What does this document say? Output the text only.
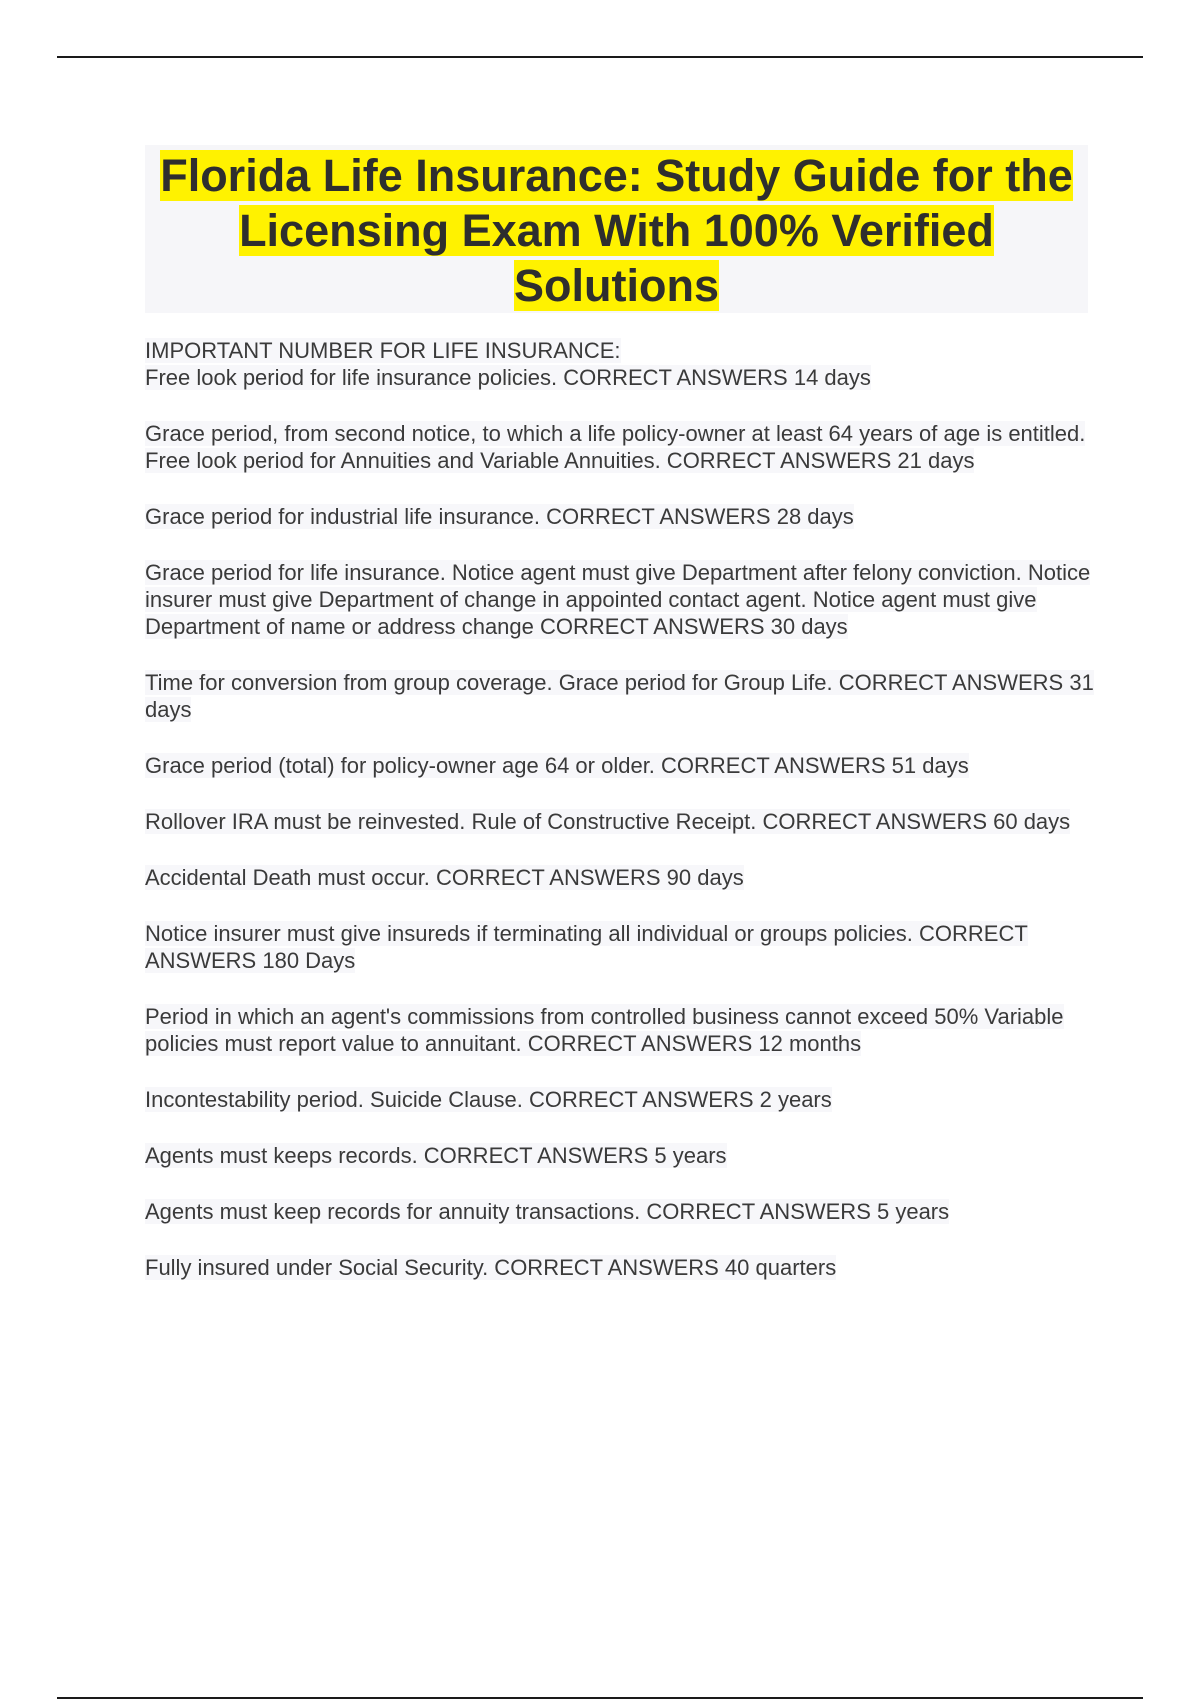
Florida Life Insurance: Study Guide for the Licensing Exam With 100% Verified Solutions

IMPORTANT NUMBER FOR LIFE INSURANCE:

Free look period for life insurance policies. CORRECT ANSWERS 14 days

Grace period, from second notice, to which a life policy-owner at least 64 years of age is entitled. Free look period for Annuities and Variable Annuities. CORRECT ANSWERS 21 days

Grace period for industrial life insurance. CORRECT ANSWERS 28 days

Grace period for life insurance. Notice agent must give Department after felony conviction. Notice insurer must give Department of change in appointed contact agent. Notice agent must give Department of name or address change CORRECT ANSWERS 30 days

Time for conversion from group coverage. Grace period for Group Life. CORRECT ANSWERS 31 days

Grace period (total) for policy-owner age 64 or older. CORRECT ANSWERS 51 days

Rollover IRA must be reinvested. Rule of Constructive Receipt. CORRECT ANSWERS 60 days

Accidental Death must occur. CORRECT ANSWERS 90 days

Notice insurer must give insureds if terminating all individual or groups policies. CORRECT ANSWERS 180 Days

Period in which an agent's commissions from controlled business cannot exceed 50% Variable policies must report value to annuitant. CORRECT ANSWERS 12 months

Incontestability period. Suicide Clause. CORRECT ANSWERS 2 years

Agents must keeps records. CORRECT ANSWERS 5 years

Agents must keep records for annuity transactions. CORRECT ANSWERS 5 years

Fully insured under Social Security. CORRECT ANSWERS 40 quarters
